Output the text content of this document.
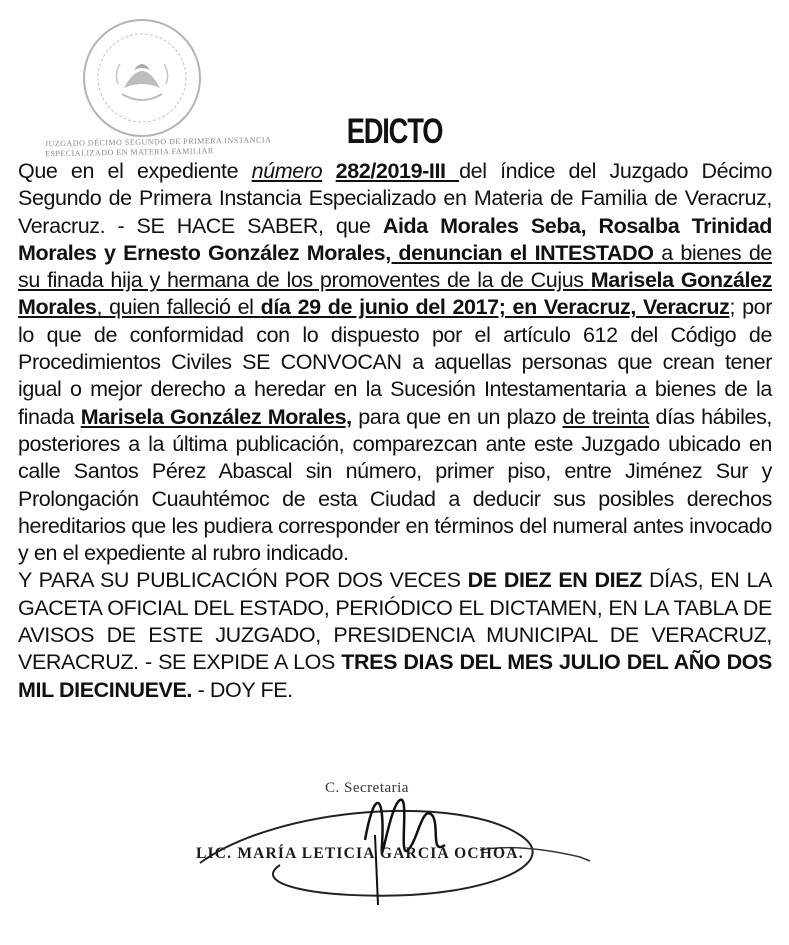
JUZGADO DÉCIMO SEGUNDO DE PRIMERA INSTANCIA
ESPECIALIZADO EN MATERIA FAMILIAR
EDICTO

Que en el expediente número 282/2019-III del índice del Juzgado Décimo Segundo de Primera Instancia Especializado en Materia de Familia de Veracruz, Veracruz. - SE HACE SABER, que Aida Morales Seba, Rosalba Trinidad Morales y Ernesto González Morales, denuncian el INTESTADO a bienes de su finada hija y hermana de los promoventes de la de Cujus Marisela González Morales, quien falleció el día 29 de junio del 2017; en Veracruz, Veracruz; por lo que de conformidad con lo dispuesto por el artículo 612 del Código de Procedimientos Civiles SE CONVOCAN a aquellas personas que crean tener igual o mejor derecho a heredar en la Sucesión Intestamentaria a bienes de la finada Marisela González Morales, para que en un plazo de treinta días hábiles, posteriores a la última publicación, comparezcan ante este Juzgado ubicado en calle Santos Pérez Abascal sin número, primer piso, entre Jiménez Sur y Prolongación Cuauhtémoc de esta Ciudad a deducir sus posibles derechos hereditarios que les pudiera corresponder en términos del numeral antes invocado y en el expediente al rubro indicado.

Y PARA SU PUBLICACIÓN POR DOS VECES DE DIEZ EN DIEZ DÍAS, EN LA GACETA OFICIAL DEL ESTADO, PERIÓDICO EL DICTAMEN, EN LA TABLA DE AVISOS DE ESTE JUZGADO, PRESIDENCIA MUNICIPAL DE VERACRUZ, VERACRUZ. - SE EXPIDE A LOS TRES DIAS DEL MES JULIO DEL AÑO DOS MIL DIECINUEVE. - DOY FE.

C. Secretaria
LIC. MARÍA LETICIA GARCIA OCHOA.
